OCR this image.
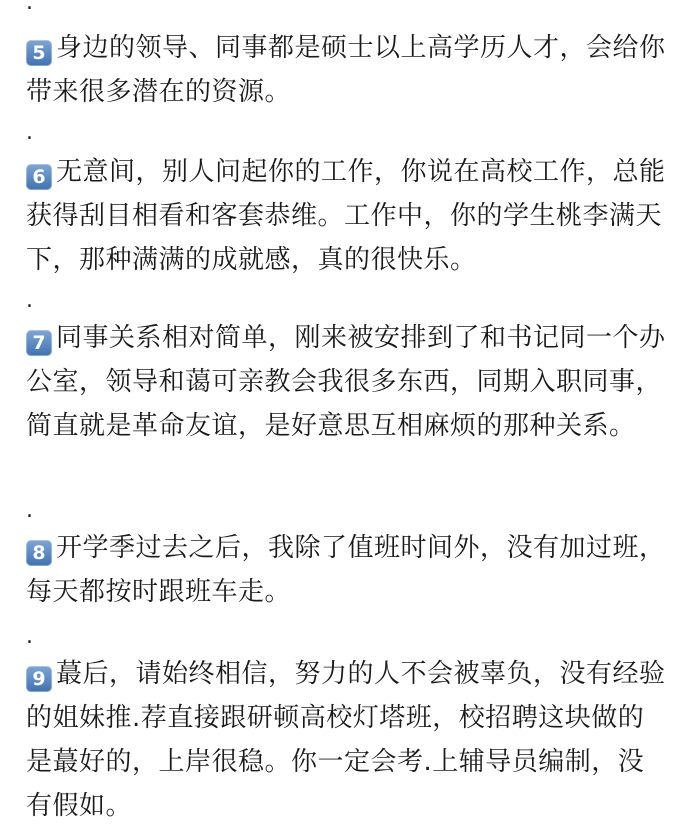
.

5 身边的领导、同事都是硕士以上高学历人才，会给你带来很多潜在的资源。

.

6 无意间，别人问起你的工作，你说在高校工作，总能获得刮目相看和客套恭维。工作中，你的学生桃李满天下，那种满满的成就感，真的很快乐。

.

7 同事关系相对简单，刚来被安排到了和书记同一个办公室，领导和蔼可亲教会我很多东西，同期入职同事，简直就是革命友谊，是好意思互相麻烦的那种关系。

.

8 开学季过去之后，我除了值班时间外，没有加过班，每天都按时跟班车走。

.

9 蕞后，请始终相信，努力的人不会被辜负，没有经验的姐妹推.荐直接跟研顿高校灯塔班，校招聘这块做的是蕞好的，上岸很稳。你一定会考.上辅导员编制，没有假如。
